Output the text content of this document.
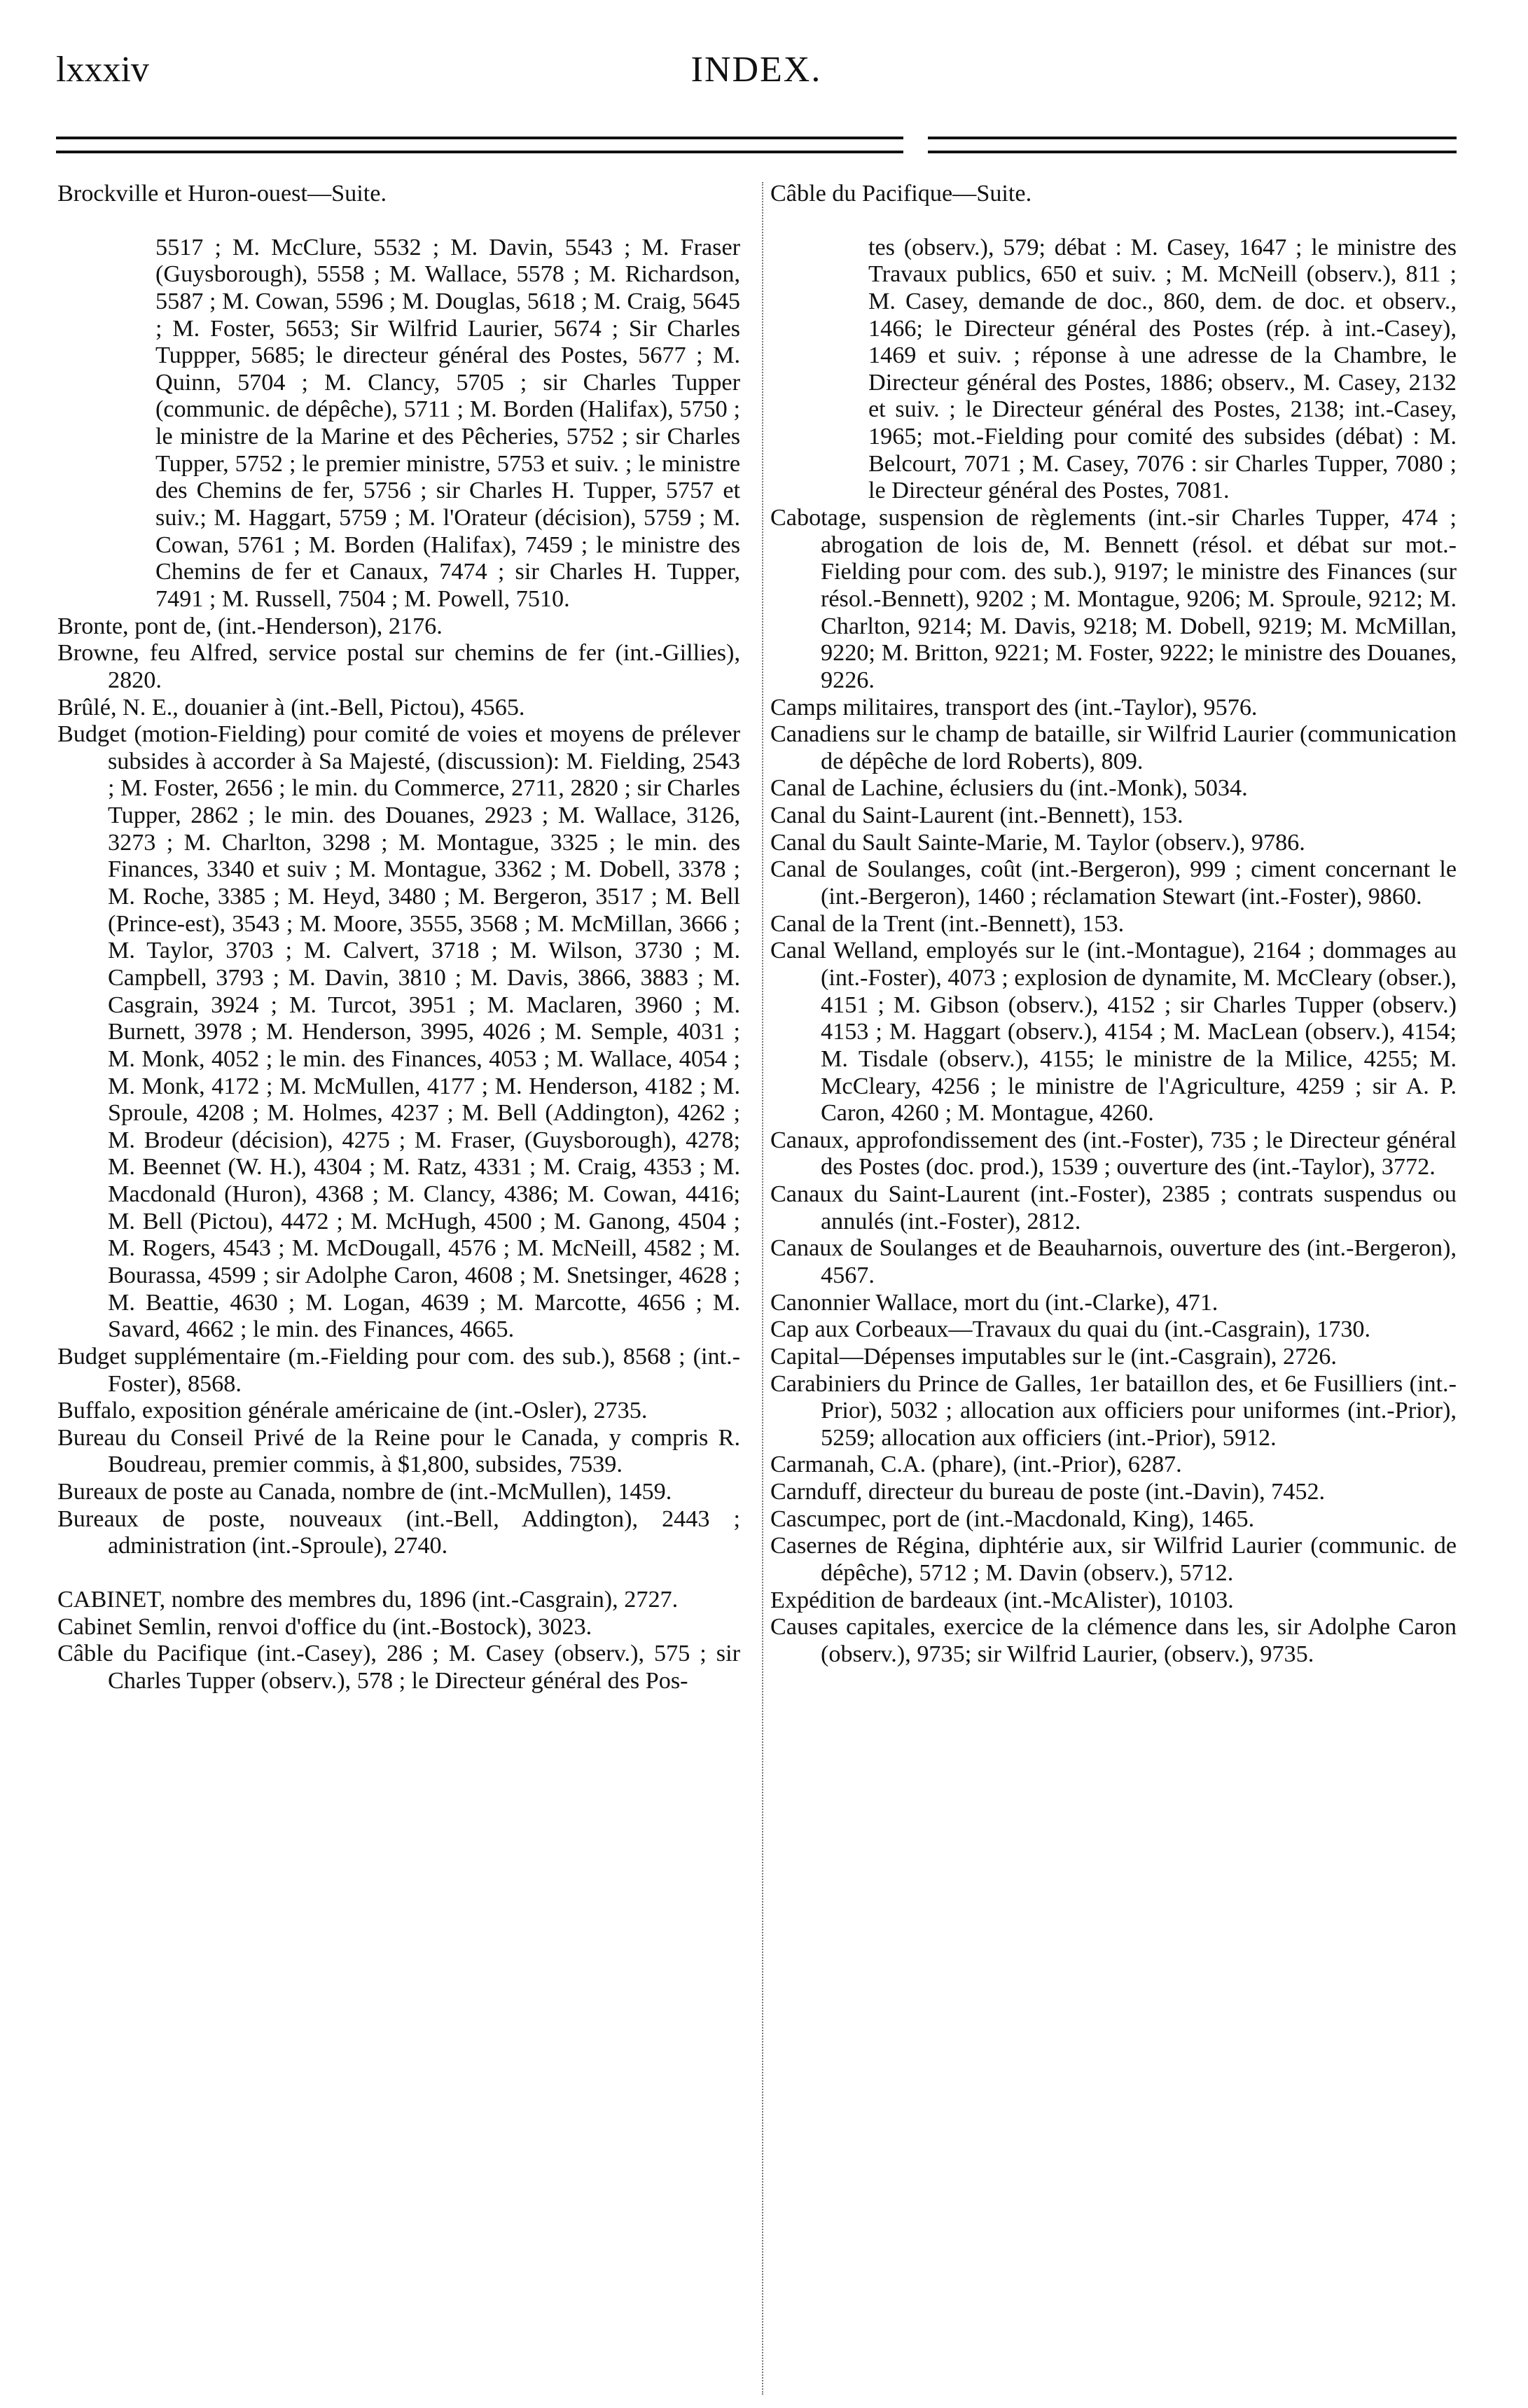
INDEX.
lxxxiv

Brockville et Huron-ouest—Suite.

5517 ; M. McClure, 5532 ; M. Davin, 5543 ; M. Fraser (Guysborough), 5558 ; M. Wallace, 5578 ; M. Richardson, 5587 ; M. Cowan, 5596 ; M. Douglas, 5618 ; M. Craig, 5645 ; M. Foster, 5653; Sir Wilfrid Laurier, 5674 ; Sir Charles Tuppper, 5685; le directeur général des Postes, 5677 ; M. Quinn, 5704 ; M. Clancy, 5705 ; sir Charles Tupper (communic. de dépêche), 5711 ; M. Borden (Halifax), 5750 ; le ministre de la Marine et des Pêcheries, 5752 ; sir Charles Tupper, 5752 ; le premier ministre, 5753 et suiv. ; le ministre des Chemins de fer, 5756 ; sir Charles H. Tupper, 5757 et suiv.; M. Haggart, 5759 ; M. l'Orateur (décision), 5759 ; M. Cowan, 5761 ; M. Borden (Halifax), 7459 ; le ministre des Chemins de fer et Canaux, 7474 ; sir Charles H. Tupper, 7491 ; M. Russell, 7504 ; M. Powell, 7510.

Bronte, pont de, (int.-Henderson), 2176.

Browne, feu Alfred, service postal sur chemins de fer (int.-Gillies), 2820.

Brûlé, N. E., douanier à (int.-Bell, Pictou), 4565.

Budget (motion-Fielding) pour comité de voies et moyens de prélever subsides à accorder à Sa Majesté, (discussion): M. Fielding, 2543 ; M. Foster, 2656 ; le min. du Commerce, 2711, 2820 ; sir Charles Tupper, 2862 ; le min. des Douanes, 2923 ; M. Wallace, 3126, 3273 ; M. Charlton, 3298 ; M. Montague, 3325 ; le min. des Finances, 3340 et suiv ; M. Montague, 3362 ; M. Dobell, 3378 ; M. Roche, 3385 ; M. Heyd, 3480 ; M. Bergeron, 3517 ; M. Bell (Prince-est), 3543 ; M. Moore, 3555, 3568 ; M. McMillan, 3666 ; M. Taylor, 3703 ; M. Calvert, 3718 ; M. Wilson, 3730 ; M. Campbell, 3793 ; M. Davin, 3810 ; M. Davis, 3866, 3883 ; M. Casgrain, 3924 ; M. Turcot, 3951 ; M. Maclaren, 3960 ; M. Burnett, 3978 ; M. Henderson, 3995, 4026 ; M. Semple, 4031 ; M. Monk, 4052 ; le min. des Finances, 4053 ; M. Wallace, 4054 ; M. Monk, 4172 ; M. McMullen, 4177 ; M. Henderson, 4182 ; M. Sproule, 4208 ; M. Holmes, 4237 ; M. Bell (Addington), 4262 ; M. Brodeur (décision), 4275 ; M. Fraser, (Guysborough), 4278; M. Beennet (W. H.), 4304 ; M. Ratz, 4331 ; M. Craig, 4353 ; M. Macdonald (Huron), 4368 ; M. Clancy, 4386; M. Cowan, 4416; M. Bell (Pictou), 4472 ; M. McHugh, 4500 ; M. Ganong, 4504 ; M. Rogers, 4543 ; M. McDougall, 4576 ; M. McNeill, 4582 ; M. Bourassa, 4599 ; sir Adolphe Caron, 4608 ; M. Snetsinger, 4628 ; M. Beattie, 4630 ; M. Logan, 4639 ; M. Marcotte, 4656 ; M. Savard, 4662 ; le min. des Finances, 4665.

Budget supplémentaire (m.-Fielding pour com. des sub.), 8568 ; (int.-Foster), 8568.

Buffalo, exposition générale américaine de (int.-Osler), 2735.

Bureau du Conseil Privé de la Reine pour le Canada, y compris R. Boudreau, premier commis, à $1,800, subsides, 7539.

Bureaux de poste au Canada, nombre de (int.-McMullen), 1459.

Bureaux de poste, nouveaux (int.-Bell, Addington), 2443 ; administration (int.-Sproule), 2740.

CABINET, nombre des membres du, 1896 (int.-Casgrain), 2727.

Cabinet Semlin, renvoi d'office du (int.-Bostock), 3023.

Câble du Pacifique (int.-Casey), 286 ; M. Casey (observ.), 575 ; sir Charles Tupper (observ.), 578 ; le Directeur général des Pos-

Câble du Pacifique—Suite.

tes (observ.), 579; débat : M. Casey, 1647 ; le ministre des Travaux publics, 650 et suiv. ; M. McNeill (observ.), 811 ; M. Casey, demande de doc., 860, dem. de doc. et observ., 1466; le Directeur général des Postes (rép. à int.-Casey), 1469 et suiv. ; réponse à une adresse de la Chambre, le Directeur général des Postes, 1886; observ., M. Casey, 2132 et suiv. ; le Directeur général des Postes, 2138; int.-Casey, 1965; mot.-Fielding pour comité des subsides (débat) : M. Belcourt, 7071 ; M. Casey, 7076 : sir Charles Tupper, 7080 ; le Directeur général des Postes, 7081.

Cabotage, suspension de règlements (int.-sir Charles Tupper, 474 ; abrogation de lois de, M. Bennett (résol. et débat sur mot.-Fielding pour com. des sub.), 9197; le ministre des Finances (sur résol.-Bennett), 9202 ; M. Montague, 9206; M. Sproule, 9212; M. Charlton, 9214; M. Davis, 9218; M. Dobell, 9219; M. McMillan, 9220; M. Britton, 9221; M. Foster, 9222; le ministre des Douanes, 9226.

Camps militaires, transport des (int.-Taylor), 9576.

Canadiens sur le champ de bataille, sir Wilfrid Laurier (communication de dépêche de lord Roberts), 809.

Canal de Lachine, éclusiers du (int.-Monk), 5034.

Canal du Saint-Laurent (int.-Bennett), 153.

Canal du Sault Sainte-Marie, M. Taylor (observ.), 9786.

Canal de Soulanges, coût (int.-Bergeron), 999 ; ciment concernant le (int.-Bergeron), 1460 ; réclamation Stewart (int.-Foster), 9860.

Canal de la Trent (int.-Bennett), 153.

Canal Welland, employés sur le (int.-Montague), 2164 ; dommages au (int.-Foster), 4073 ; explosion de dynamite, M. McCleary (obser.), 4151 ; M. Gibson (observ.), 4152 ; sir Charles Tupper (observ.) 4153 ; M. Haggart (observ.), 4154 ; M. MacLean (observ.), 4154; M. Tisdale (observ.), 4155; le ministre de la Milice, 4255; M. McCleary, 4256 ; le ministre de l'Agriculture, 4259 ; sir A. P. Caron, 4260 ; M. Montague, 4260.

Canaux, approfondissement des (int.-Foster), 735 ; le Directeur général des Postes (doc. prod.), 1539 ; ouverture des (int.-Taylor), 3772.

Canaux du Saint-Laurent (int.-Foster), 2385 ; contrats suspendus ou annulés (int.-Foster), 2812.

Canaux de Soulanges et de Beauharnois, ouverture des (int.-Bergeron), 4567.

Canonnier Wallace, mort du (int.-Clarke), 471.

Cap aux Corbeaux—Travaux du quai du (int.-Casgrain), 1730.

Capital—Dépenses imputables sur le (int.-Casgrain), 2726.

Carabiniers du Prince de Galles, 1er bataillon des, et 6e Fusilliers (int.-Prior), 5032 ; allocation aux officiers pour uniformes (int.-Prior), 5259; allocation aux officiers (int.-Prior), 5912.

Carmanah, C.A. (phare), (int.-Prior), 6287.

Carnduff, directeur du bureau de poste (int.-Davin), 7452.

Cascumpec, port de (int.-Macdonald, King), 1465.

Casernes de Régina, diphtérie aux, sir Wilfrid Laurier (communic. de dépêche), 5712 ; M. Davin (observ.), 5712.

Expédition de bardeaux (int.-McAlister), 10103.

Causes capitales, exercice de la clémence dans les, sir Adolphe Caron (observ.), 9735; sir Wilfrid Laurier, (observ.), 9735.
